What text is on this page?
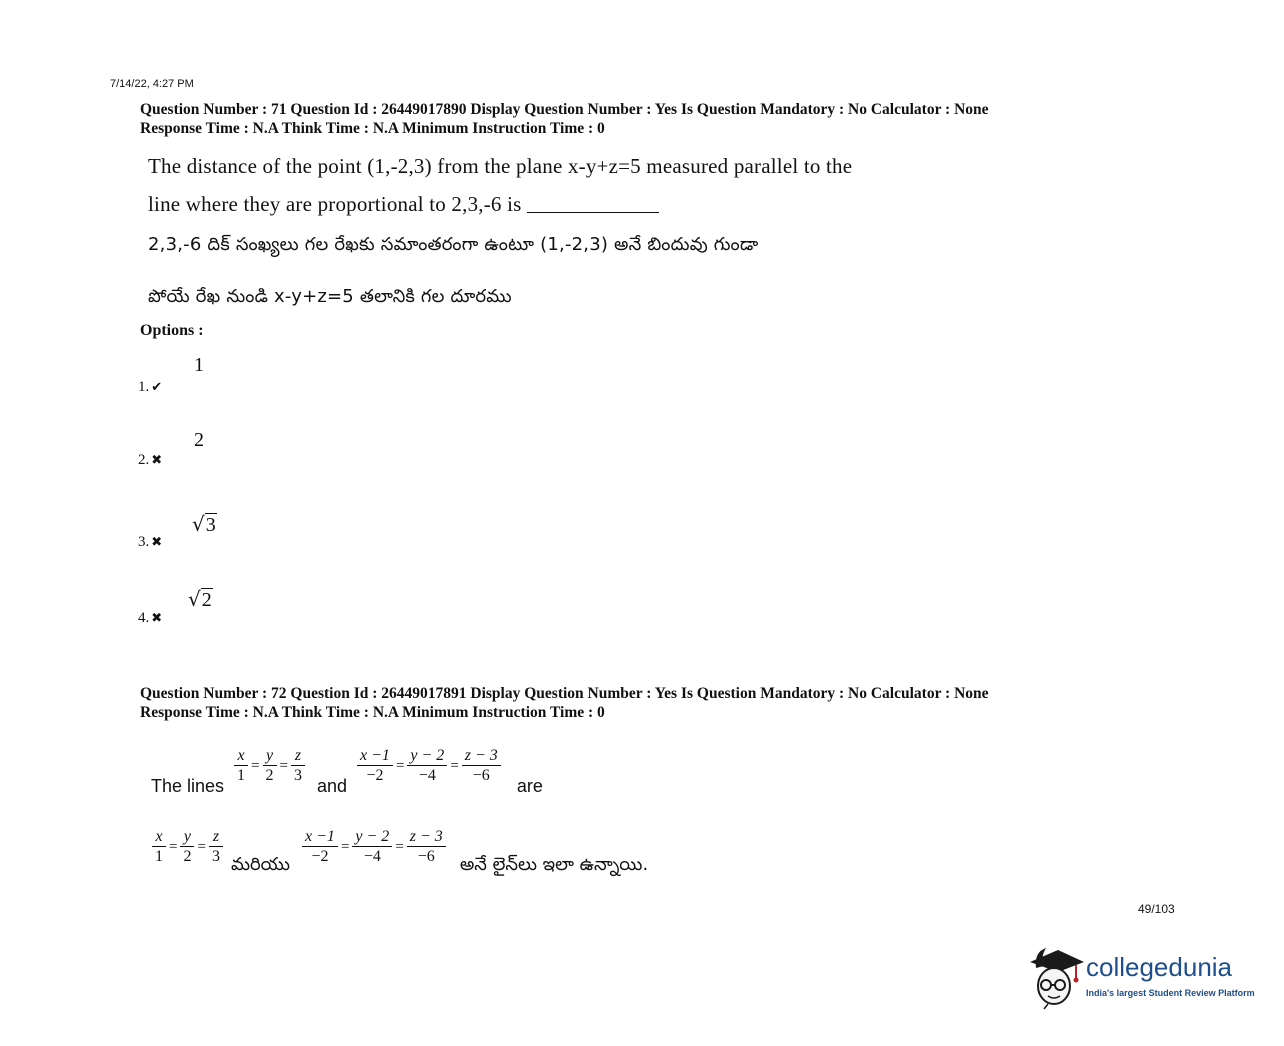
7/14/22, 4:27 PM
Question Number : 71 Question Id : 26449017890 Display Question Number : Yes Is Question Mandatory : No Calculator : None
Response Time : N.A Think Time : N.A Minimum Instruction Time : 0
The distance of the point (1,-2,3) from the plane x-y+z=5 measured parallel to the
line where they are proportional to 2,3,-6 is
2,3,-6 దిక్ సంఖ్యలు గల రేఖకు సమాంతరంగా ఉంటూ (1,-2,3) అనే బిందువు గుండా
పోయే రేఖ నుండి x-y+z=5 తలానికి గల దూరము
Options :
1
1. ✔
2
2. ✖
√3
3. ✖
√2
4. ✖
Question Number : 72 Question Id : 26449017891 Display Question Number : Yes Is Question Mandatory : No Calculator : None
Response Time : N.A Think Time : N.A Minimum Instruction Time : 0
The lines $\frac{x}{1} = \frac{y}{2} = \frac{z}{3}$ and $\frac{x -1}{-2} = \frac{y - 2}{-4} = \frac{z - 3}{-6}$ are
$\frac{x}{1} = \frac{y}{2} = \frac{z}{3}$ మరియు $\frac{x -1}{-2} = \frac{y - 2}{-4} = \frac{z - 3}{-6}$ అనే లైన్‌లు ఇలా ఉన్నాయి.
49/103
collegedunia
India's largest Student Review Platform
